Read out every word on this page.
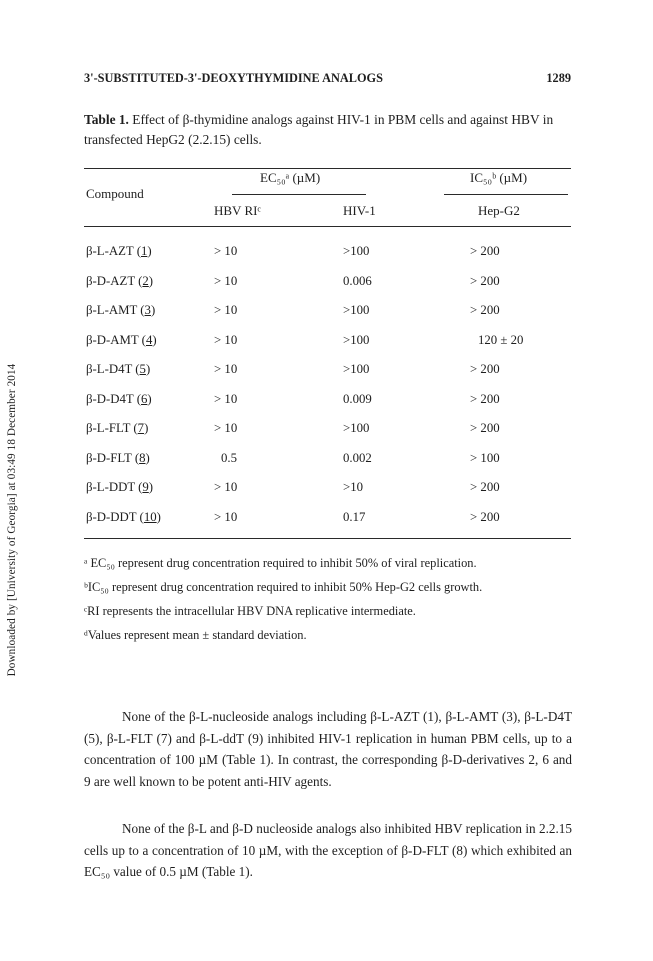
Downloaded by [University of Georgia] at 03:49 18 December 2014
3'-SUBSTITUTED-3'-DEOXYTHYMIDINE ANALOGS	1289
Table 1. Effect of β-thymidine analogs against HIV-1 in PBM cells and against HBV in transfected HepG2 (2.2.15) cells.
Compound
EC₅₀ᵃ (µM)	IC₅₀ᵇ (µM)
HBV RIᶜ	HIV-1	Hep-G2
β-L-AZT (1)	> 10	>100	> 200
β-D-AZT (2)	> 10	0.006	> 200
β-L-AMT (3)	> 10	>100	> 200
β-D-AMT (4)	> 10	>100	120 ± 20
β-L-D4T (5)	> 10	>100	> 200
β-D-D4T (6)	> 10	0.009	> 200
β-L-FLT (7)	> 10	>100	> 200
β-D-FLT (8)	0.5	0.002	> 100
β-L-DDT (9)	> 10	>10	> 200
β-D-DDT (10)	> 10	0.17	> 200
ᵃ EC₅₀ represent drug concentration required to inhibit 50% of viral replication.
ᵇIC₅₀ represent drug concentration required to inhibit 50% Hep-G2 cells growth.
ᶜRI represents the intracellular HBV DNA replicative intermediate.
ᵈValues represent mean ± standard deviation.

None of the β-L-nucleoside analogs including β-L-AZT (1), β-L-AMT (3), β-L-D4T (5), β-L-FLT (7) and β-L-ddT (9) inhibited HIV-1 replication in human PBM cells, up to a concentration of 100 µM (Table 1). In contrast, the corresponding β-D-derivatives 2, 6 and 9 are well known to be potent anti-HIV agents.

None of the β-L and β-D nucleoside analogs also inhibited HBV replication in 2.2.15 cells up to a concentration of 10 µM, with the exception of β-D-FLT (8) which exhibited an EC₅₀ value of 0.5 µM (Table 1).
